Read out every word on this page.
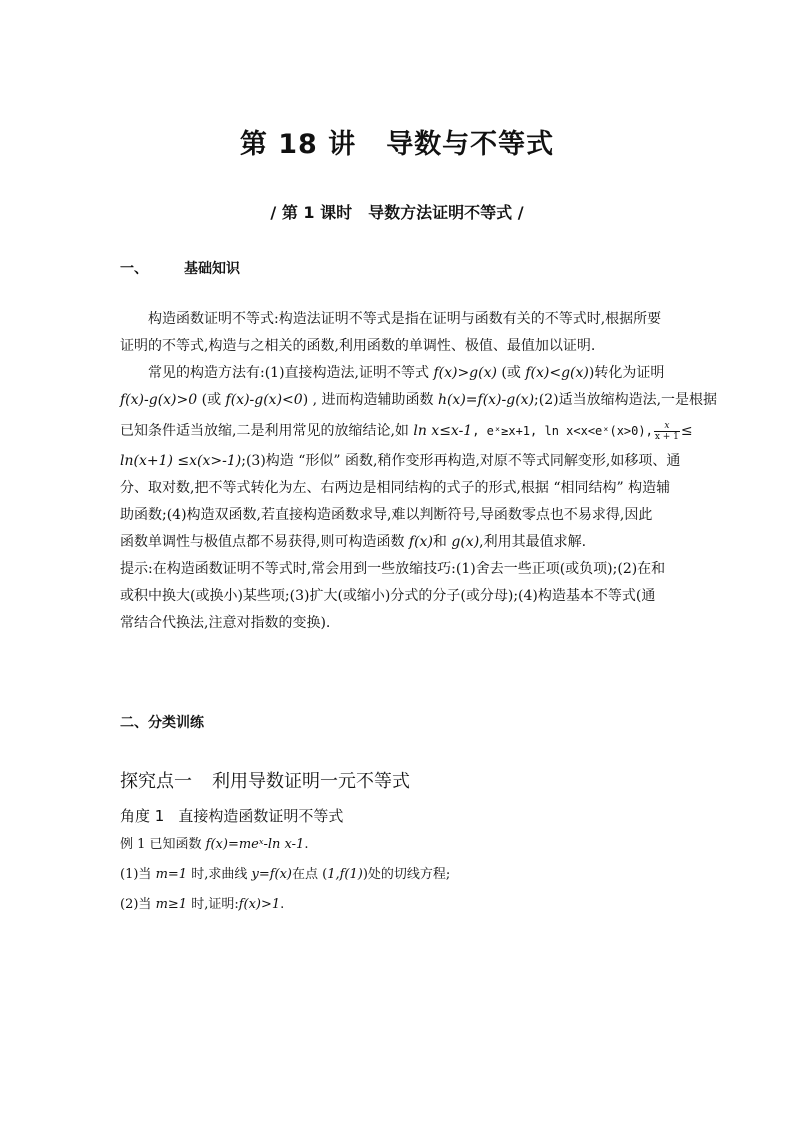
第 18 讲 导数与不等式
/ 第 1 课时 导数方法证明不等式 /
一、	基础知识
构造函数证明不等式:构造法证明不等式是指在证明与函数有关的不等式时,根据所要
证明的不等式,构造与之相关的函数,利用函数的单调性、极值、最值加以证明.
常见的构造方法有:(1)直接构造法,证明不等式 f(x)>g(x) (或 f(x)<g(x))转化为证明
f(x)-g(x)>0 (或 f(x)-g(x)<0) , 进而构造辅助函数 h(x)=f(x)-g(x);(2)适当放缩构造法,一是根据
已知条件适当放缩,二是利用常见的放缩结论,如 ln x≤x-1, eˣ≥x+1, ln x<x<eˣ(x>0), $\frac{x}{x + 1}$ ≤
ln(x+1) ≤x(x>-1);(3)构造 “形似” 函数,稍作变形再构造,对原不等式同解变形,如移项、通
分、取对数,把不等式转化为左、右两边是相同结构的式子的形式,根据 “相同结构” 构造辅
助函数;(4)构造双函数,若直接构造函数求导,难以判断符号,导函数零点也不易求得,因此
函数单调性与极值点都不易获得,则可构造函数 f(x)和 g(x),利用其最值求解.
提示:在构造函数证明不等式时,常会用到一些放缩技巧:(1)舍去一些正项(或负项);(2)在和
或积中换大(或换小)某些项;(3)扩大(或缩小)分式的分子(或分母);(4)构造基本不等式(通
常结合代换法,注意对指数的变换).
二、分类训练
探究点一 利用导数证明一元不等式
角度 1 直接构造函数证明不等式
例 1 已知函数 f(x)=meˣ-ln x-1.
(1)当 m=1 时,求曲线 y=f(x)在点 (1,f(1))处的切线方程;
(2)当 m≥1 时,证明:f(x)>1.
